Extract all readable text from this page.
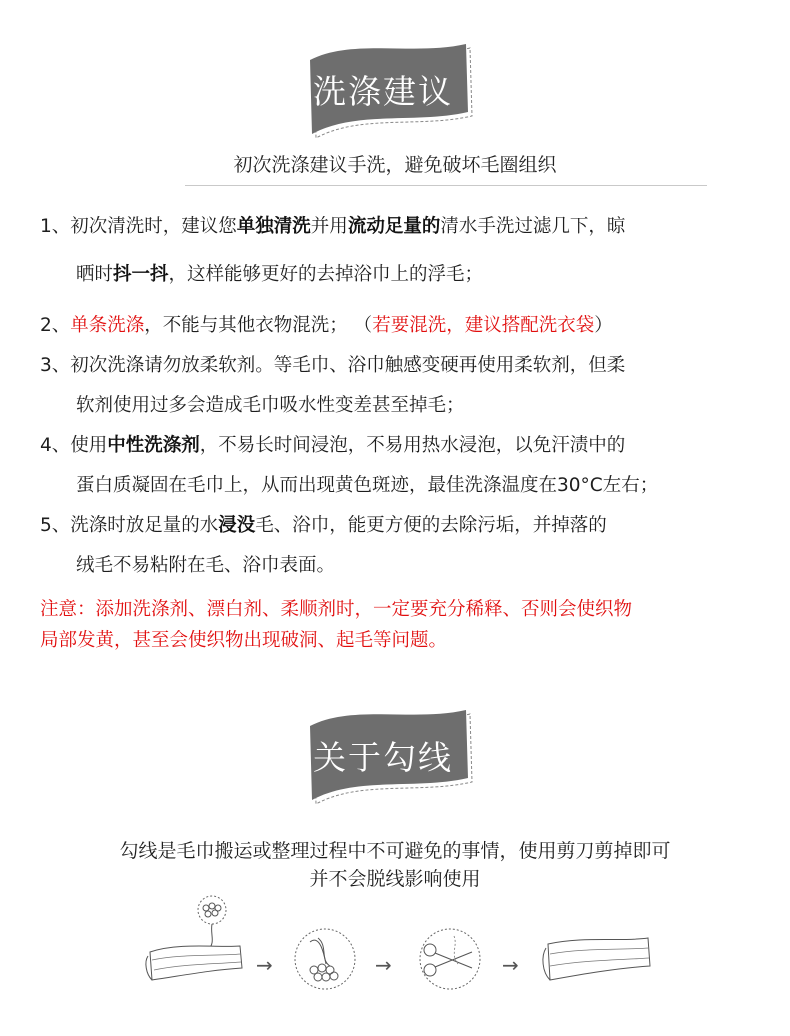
洗涤建议
初次洗涤建议手洗，避免破坏毛圈组织
1、初次清洗时，建议您单独清洗并用流动足量的清水手洗过滤几下，晾
晒时抖一抖，这样能够更好的去掉浴巾上的浮毛；
2、单条洗涤，不能与其他衣物混洗； （若要混洗，建议搭配洗衣袋）
3、初次洗涤请勿放柔软剂。等毛巾、浴巾触感变硬再使用柔软剂，但柔
软剂使用过多会造成毛巾吸水性变差甚至掉毛；
4、使用中性洗涤剂，不易长时间浸泡，不易用热水浸泡，以免汗渍中的
蛋白质凝固在毛巾上，从而出现黄色斑迹，最佳洗涤温度在30°C左右；
5、洗涤时放足量的水浸没毛、浴巾，能更方便的去除污垢，并掉落的
绒毛不易粘附在毛、浴巾表面。
注意：添加洗涤剂、漂白剂、柔顺剂时，一定要充分稀释、否则会使织物
局部发黄，甚至会使织物出现破洞、起毛等问题。
关于勾线
勾线是毛巾搬运或整理过程中不可避免的事情，使用剪刀剪掉即可
并不会脱线影响使用
→	→	→
